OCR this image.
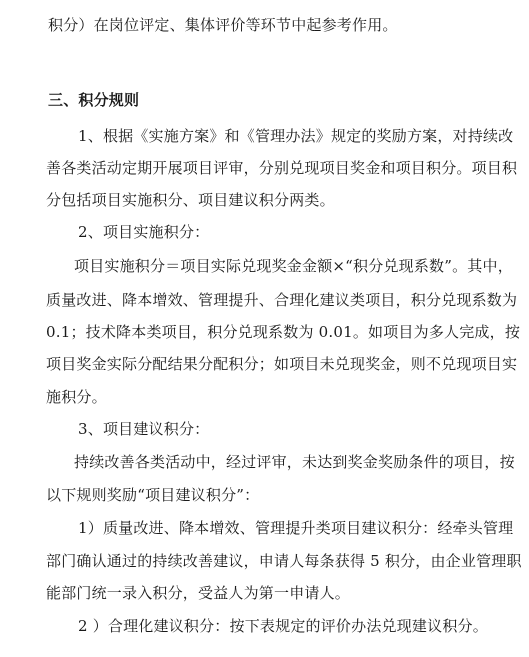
积分）在岗位评定、集体评价等环节中起参考作用。
三、积分规则
1、根据《实施方案》和《管理办法》规定的奖励方案，对持续改
善各类活动定期开展项目评审，分别兑现项目奖金和项目积分。项目积
分包括项目实施积分、项目建议积分两类。
2、项目实施积分：
项目实施积分＝项目实际兑现奖金金额×“积分兑现系数”。其中，
质量改进、降本增效、管理提升、合理化建议类项目，积分兑现系数为
0.1；技术降本类项目，积分兑现系数为 0.01。如项目为多人完成，按
项目奖金实际分配结果分配积分；如项目未兑现奖金，则不兑现项目实
施积分。
3、项目建议积分：
持续改善各类活动中，经过评审，未达到奖金奖励条件的项目，按
以下规则奖励“项目建议积分”：
1）质量改进、降本增效、管理提升类项目建议积分：经牵头管理
部门确认通过的持续改善建议，申请人每条获得 5 积分，由企业管理职
能部门统一录入积分，受益人为第一申请人。
2 ）合理化建议积分：按下表规定的评价办法兑现建议积分。
